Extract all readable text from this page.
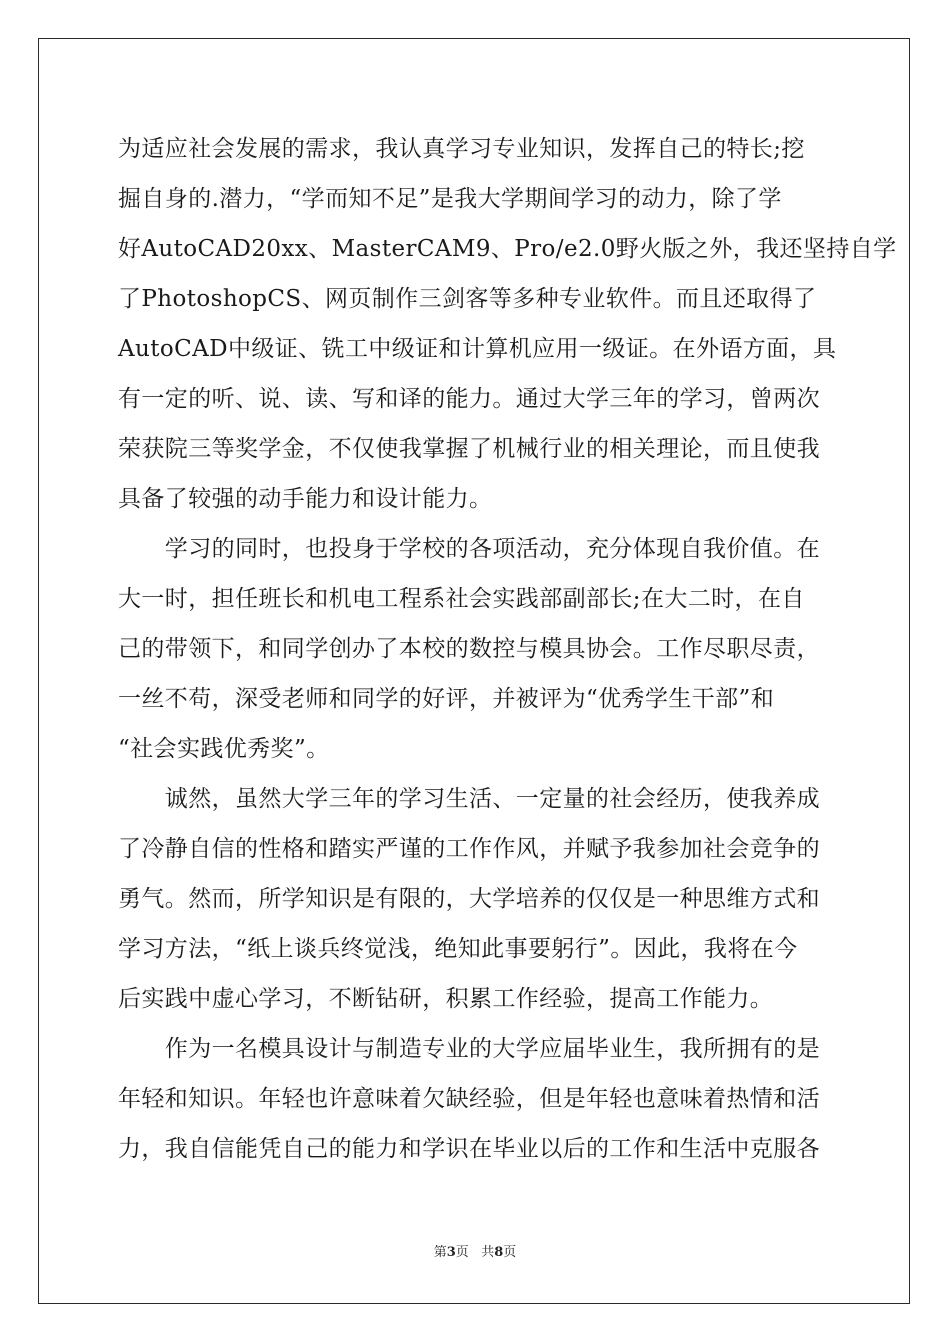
为适应社会发展的需求，我认真学习专业知识，发挥自己的特长;挖
掘自身的.潜力，“学而知不足”是我大学期间学习的动力，除了学
好AutoCAD20xx、MasterCAM9、Pro/e2.0野火版之外，我还坚持自学
了PhotoshopCS、网页制作三剑客等多种专业软件。而且还取得了
AutoCAD中级证、铣工中级证和计算机应用一级证。在外语方面，具
有一定的听、说、读、写和译的能力。通过大学三年的学习，曾两次
荣获院三等奖学金，不仅使我掌握了机械行业的相关理论，而且使我
具备了较强的动手能力和设计能力。
　　学习的同时，也投身于学校的各项活动，充分体现自我价值。在
大一时，担任班长和机电工程系社会实践部副部长;在大二时，在自
己的带领下，和同学创办了本校的数控与模具协会。工作尽职尽责，
一丝不苟，深受老师和同学的好评，并被评为“优秀学生干部”和
“社会实践优秀奖”。
　　诚然，虽然大学三年的学习生活、一定量的社会经历，使我养成
了冷静自信的性格和踏实严谨的工作作风，并赋予我参加社会竞争的
勇气。然而，所学知识是有限的，大学培养的仅仅是一种思维方式和
学习方法，“纸上谈兵终觉浅，绝知此事要躬行”。因此，我将在今
后实践中虚心学习，不断钻研，积累工作经验，提高工作能力。
　　作为一名模具设计与制造专业的大学应届毕业生，我所拥有的是
年轻和知识。年轻也许意味着欠缺经验，但是年轻也意味着热情和活
力，我自信能凭自己的能力和学识在毕业以后的工作和生活中克服各
第3页 共8页
